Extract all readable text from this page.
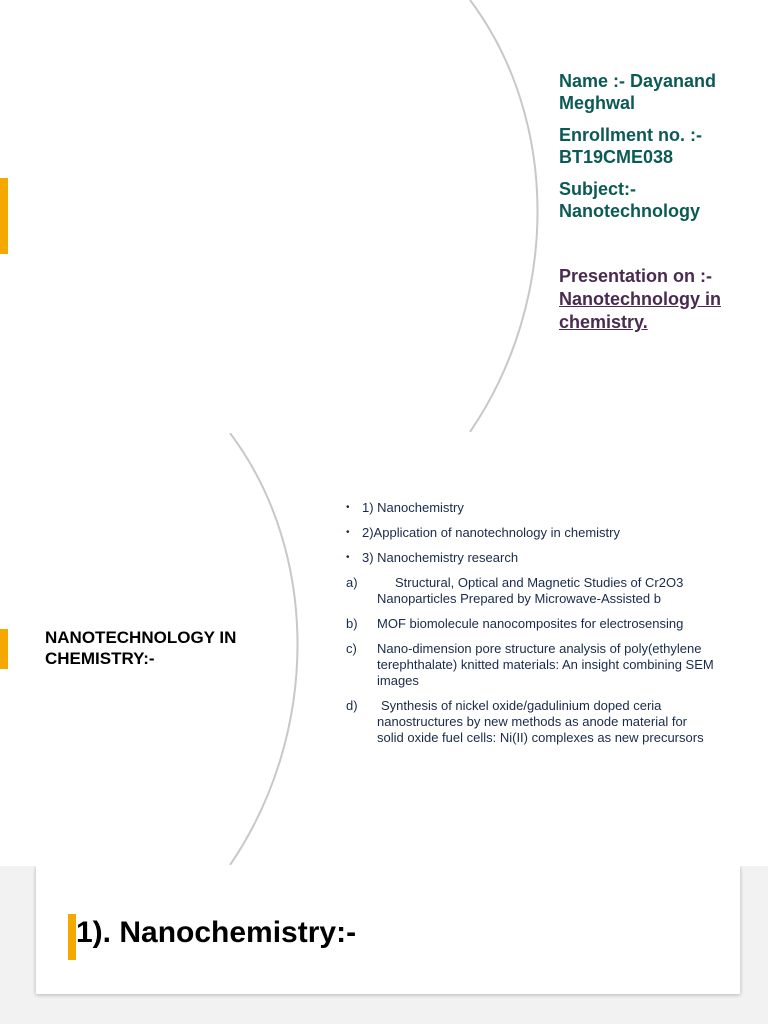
Name :- Dayanand Meghwal
Enrollment no. :- BT19CME038
Subject:- Nanotechnology
Presentation on :-
Nanotechnology in chemistry.
NANOTECHNOLOGY IN CHEMISTRY:-
• 1) Nanochemistry
• 2)Application of nanotechnology in chemistry
• 3) Nanochemistry research
a)	Structural, Optical and Magnetic Studies of Cr2O3 Nanoparticles Prepared by Microwave-Assisted b
b)	MOF biomolecule nanocomposites for electrosensing
c)	Nano-dimension pore structure analysis of poly(ethylene terephthalate) knitted materials: An insight combining SEM images
d)	Synthesis of nickel oxide/gadulinium doped ceria nanostructures by new methods as anode material for solid oxide fuel cells: Ni(II) complexes as new precursors
1). Nanochemistry:-
